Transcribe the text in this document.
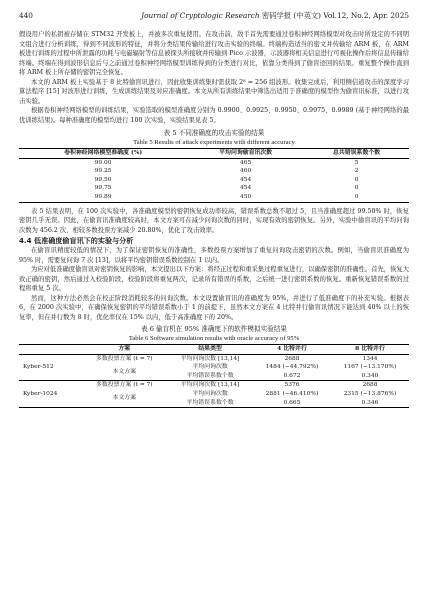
440	Journal of Cryptologic Research 密码学报 (中英文) Vol.12, No.2, Apr. 2025

假设用户的私钥被存储在 STM32 开发板上，并被多次重复使用。在攻击前，敌手首先需要通过卷积神经网络模型对攻击时所设定的不同明文组合进行分析训练，得到不同波形的特征，并将分类结果传输给进行攻击实验的终端。终端构造适当的密文并传输给 ARM 板，在 ARM 板进行训练的过程中所泄露的功耗与电磁辐射等信息被探头所接收并传输到 Pico 示波器，示波器将相关信息进行可视化操作后将信息传输给终端。终端在得到波形信息后与之前通过卷积神经网络模型训练得到的分类进行对比，依靠分类得到了偷盲迹回的结果。重复整个操作直到将 ARM 板上所存储的密钥完全恢复。

本文的 ARM 板上实验基于 8 比特偷盲讯进行，因此收集训练集时需获取 2⁸ = 256 组波形。收集完成后，利用侧信道攻击的深度学习算法程序 [15] 对波形进行训练，生成训练结果及对应准确度。本文从所有训练结果中筛选出适用于准确度的模型作为偷盲讯标准，以进行攻击实验。

根据卷积神经网络模型的训练结果，实验选取的模型准确度分别为 0.9900、0.9925、0.9950、0.9975、0.9989 (基于神经网络的最优训练结果)。每种准确度的模型均进行 100 次实验，实验结果见表 5。

表 5 不同准确度的攻击实验的结果
Table 5 Results of attack experiments with different accuracy
卷积神经网络模型准确度 (%)	平均问询偷盲讯次数	总共错误系数个数
99.00	465	5
99.25	460	2
99.50	454	0
99.75	454	0
99.89	450	0

表 5 结果表明，在 100 次实验中，各准确度模型的密钥恢复成功率较高，错误系数总数不超过 5，且当准确度超过 99.50% 时，恢复密钥几乎无误。因此，在偷盲讯准确度较高时，本文方案可在减少问询次数的同时，实现有效的密钥恢复。另外，实验中偷盲讯的平均问询次数为 456.2 次，相较多数投票方案减少 20.80%，优化了攻击效率。

4.4 低准确度偷盲讯下的实验与分析

在偷盲讯精度较低的情况下，为了保证密钥恢复的准确性，多数投票方案增加了重复问询攻击密钥的次数。例如，当偷盲讯准确度为 95% 时，需要复问询 7 次 [13]，以将平均密钥错误系数控制在 1 以内。

为应对低准确度偷盲讯对密钥恢复的影响，本文提出以下方案：将经正过程和重采集过程重复进行，以确保密钥的准确性。首先，恢复大致正确的密钥，然后通过入校验阶段，校验阶段将重复两次，记录所有错误的系数，之后统一进行密钥系数的恢复。重新恢复错误系数的过程将重复 5 次。

然而，这种方法必然会在校正阶段消耗较多的问询次数。本文设置偷盲讯的准确度为 95%，并进行了低准确度下的补充实验。根据表 6，在 2000 次实验中，在确保恢复密钥的平均错误系数小于 1 的前提下，虽然本文方案在 4 比特并行偷盲讯情况下能达到 40% 以上的恢复率，但在并行数为 8 时，优化率仅在 15% 以内，低于高准确度下的 20%。

表 6 偷盲机在 95% 准确度下的软件模拟实验结果
Table 6 Software simulation results with oracle accuracy of 95%
	方案	结果类型	4 比特并行	8 比特并行
Kyber-512	多数投票方案 (t = 7)	平均问询次数 [13,14]	2688	1344
	本文方案	平均问询次数	1484 (−44.792%)	1167 (−13.170%)
		平均错误系数个数	0.672	0.340
Kyber-1024	多数投票方案 (t = 7)	平均问询次数 [13,14]	5376	2688
	本文方案	平均问询次数	2881 (−46.410%)	2315 (−13.876%)
		平均错误系数个数	0.665	0.346
